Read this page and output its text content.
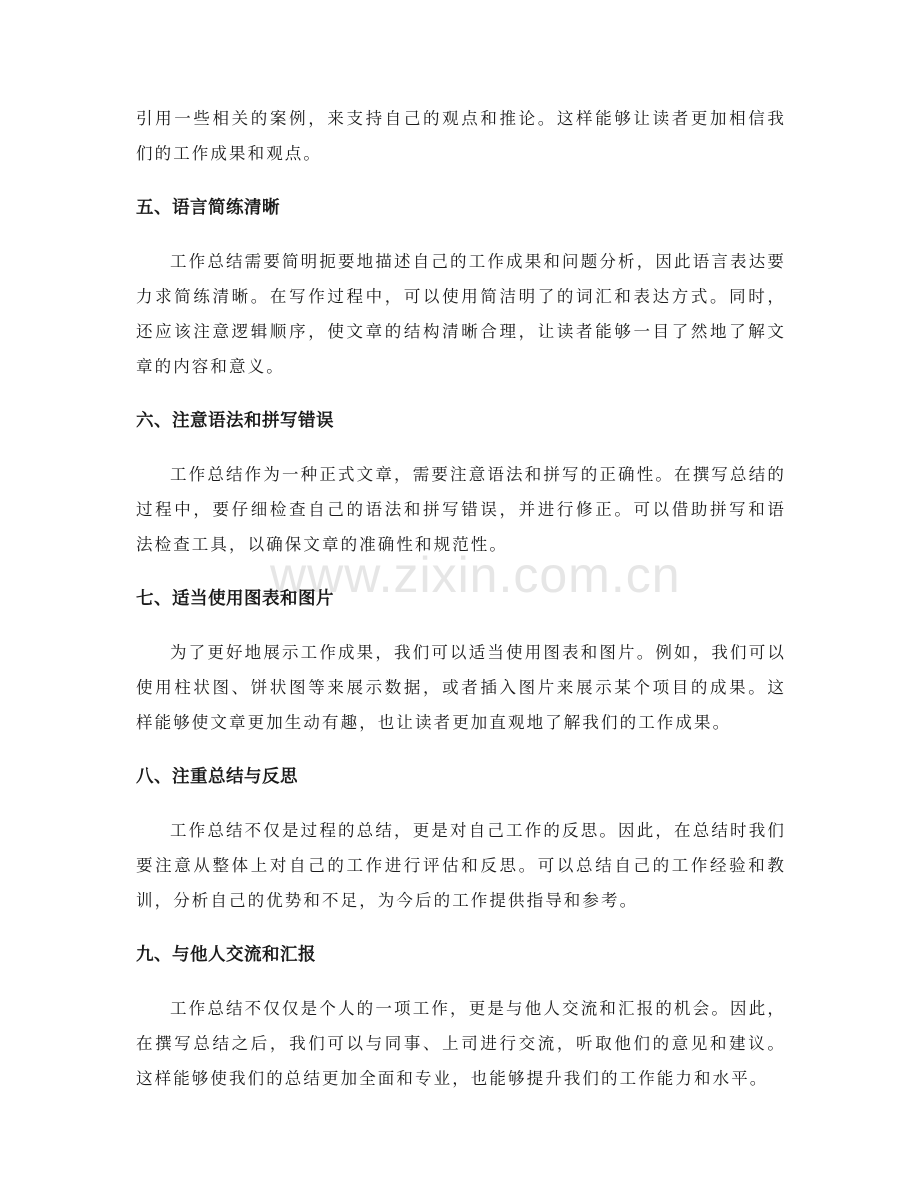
www.zixin.com.cn

引用一些相关的案例，来支持自己的观点和推论。这样能够让读者更加相信我们的工作成果和观点。

五、语言简练清晰

工作总结需要简明扼要地描述自己的工作成果和问题分析，因此语言表达要力求简练清晰。在写作过程中，可以使用简洁明了的词汇和表达方式。同时，还应该注意逻辑顺序，使文章的结构清晰合理，让读者能够一目了然地了解文章的内容和意义。

六、注意语法和拼写错误

工作总结作为一种正式文章，需要注意语法和拼写的正确性。在撰写总结的过程中，要仔细检查自己的语法和拼写错误，并进行修正。可以借助拼写和语法检查工具，以确保文章的准确性和规范性。

七、适当使用图表和图片

为了更好地展示工作成果，我们可以适当使用图表和图片。例如，我们可以使用柱状图、饼状图等来展示数据，或者插入图片来展示某个项目的成果。这样能够使文章更加生动有趣，也让读者更加直观地了解我们的工作成果。

八、注重总结与反思

工作总结不仅是过程的总结，更是对自己工作的反思。因此，在总结时我们要注意从整体上对自己的工作进行评估和反思。可以总结自己的工作经验和教训，分析自己的优势和不足，为今后的工作提供指导和参考。

九、与他人交流和汇报

工作总结不仅仅是个人的一项工作，更是与他人交流和汇报的机会。因此，在撰写总结之后，我们可以与同事、上司进行交流，听取他们的意见和建议。这样能够使我们的总结更加全面和专业，也能够提升我们的工作能力和水平。
